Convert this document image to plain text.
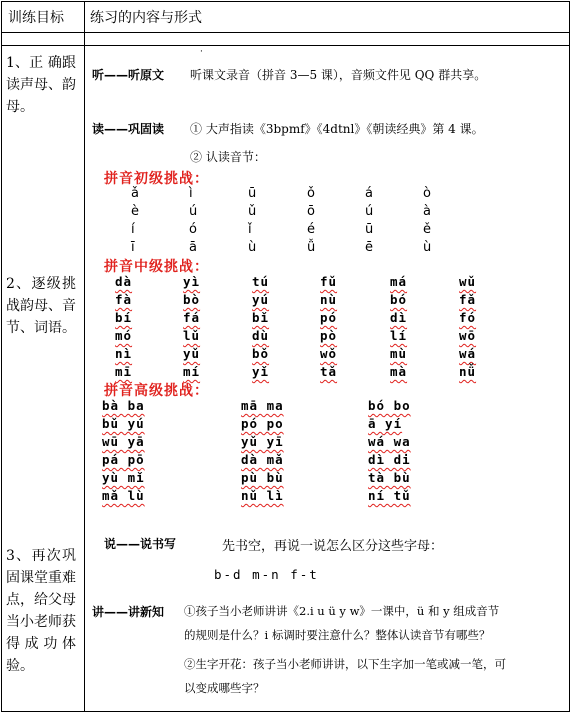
训练目标 练习的内容与形式
1、正 确跟读声母、韵母。
2、逐级挑战韵母、音节、词语。
3、再次巩固课堂重难点，给父母当小老师获得成功体验。
·
听——听原文 听课文录音（拼音 3—5 课），音频文件见 QQ 群共享。
读——巩固读 ① 大声指读《3bpmf》《4dtnl》《朝读经典》第 4 课。
② 认读音节：
拼音初级挑战：
ǎ	ì	ū	ǒ	á	ò
è	ú	ǔ	ō	ú	à
í	ó	ǐ	é	ū	ě
ī	ā	ù	ǚ	ē	ù
拼音中级挑战：
dà	yì	tú	fǔ	má	wǔ
fà	bò	yú	nù	bó	fǎ
bí	fá	bǐ	pó	dì	fó
mó	lǔ	dù	pò	lí	wō
nì	yǔ	bǒ	wǒ	mù	wá
mī	mí	yǐ	tǎ	mà	nǚ
拼音高级挑战：
bà ba	mā ma	bó bo
bǔ yú	pó po	ā yí
wū yā	yǔ yī	wá wa
pá pō	dà mǎ	dì di
yù mǐ	pù bù	tà bù
mǎ lù	nǔ lì	ní tǔ
说——说书写	先书空，再说一说怎么区分这些字母：
b-d m-n f-t
讲——讲新知 ①孩子当小老师讲讲《2.i u ü y w》一课中，ü 和 y 组成音节
的规则是什么？i 标调时要注意什么？整体认读音节有哪些？
②生字开花：孩子当小老师讲讲，以下生字加一笔或减一笔，可
以变成哪些字？
